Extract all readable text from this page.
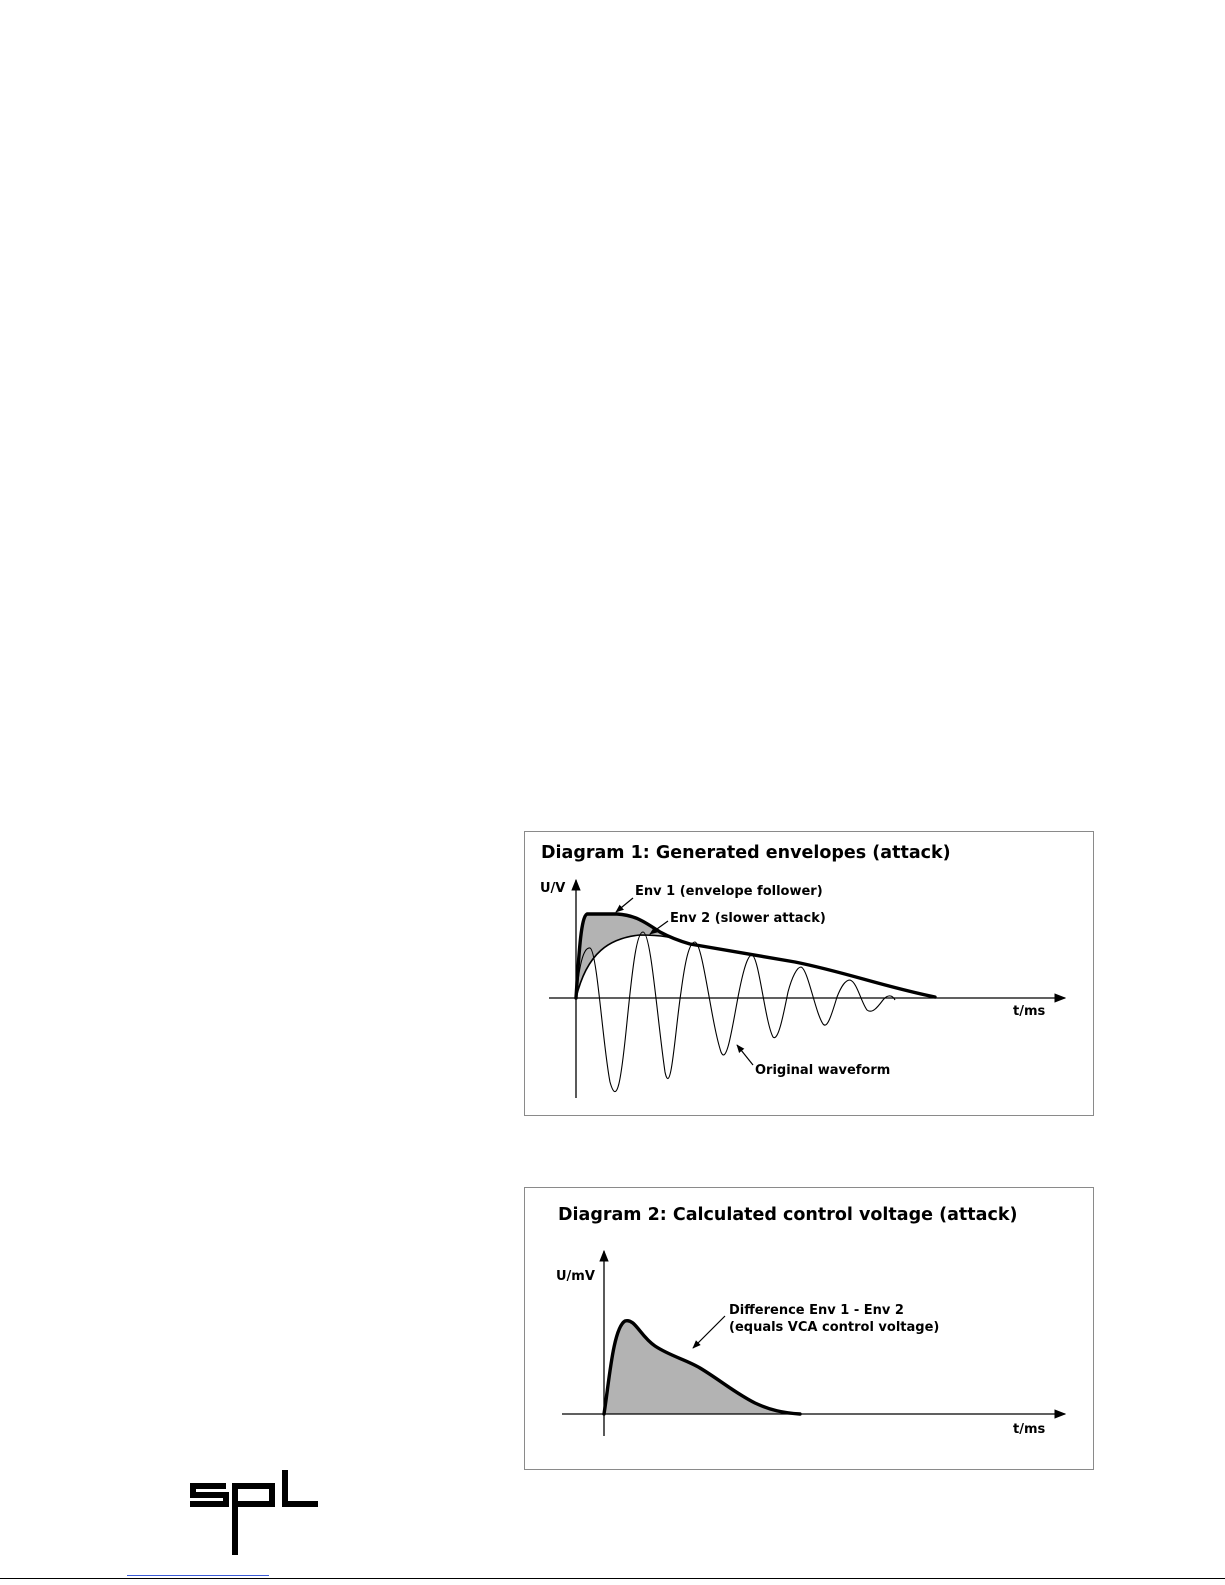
Diagram 1: Generated envelopes (attack)
Env 1 (envelope follower)
Env 2 (slower attack)
U/V
t/ms
Original waveform
Diagram 2: Calculated control voltage (attack)
U/mV
t/ms
Difference Env 1 - Env 2
(equals VCA control voltage)
